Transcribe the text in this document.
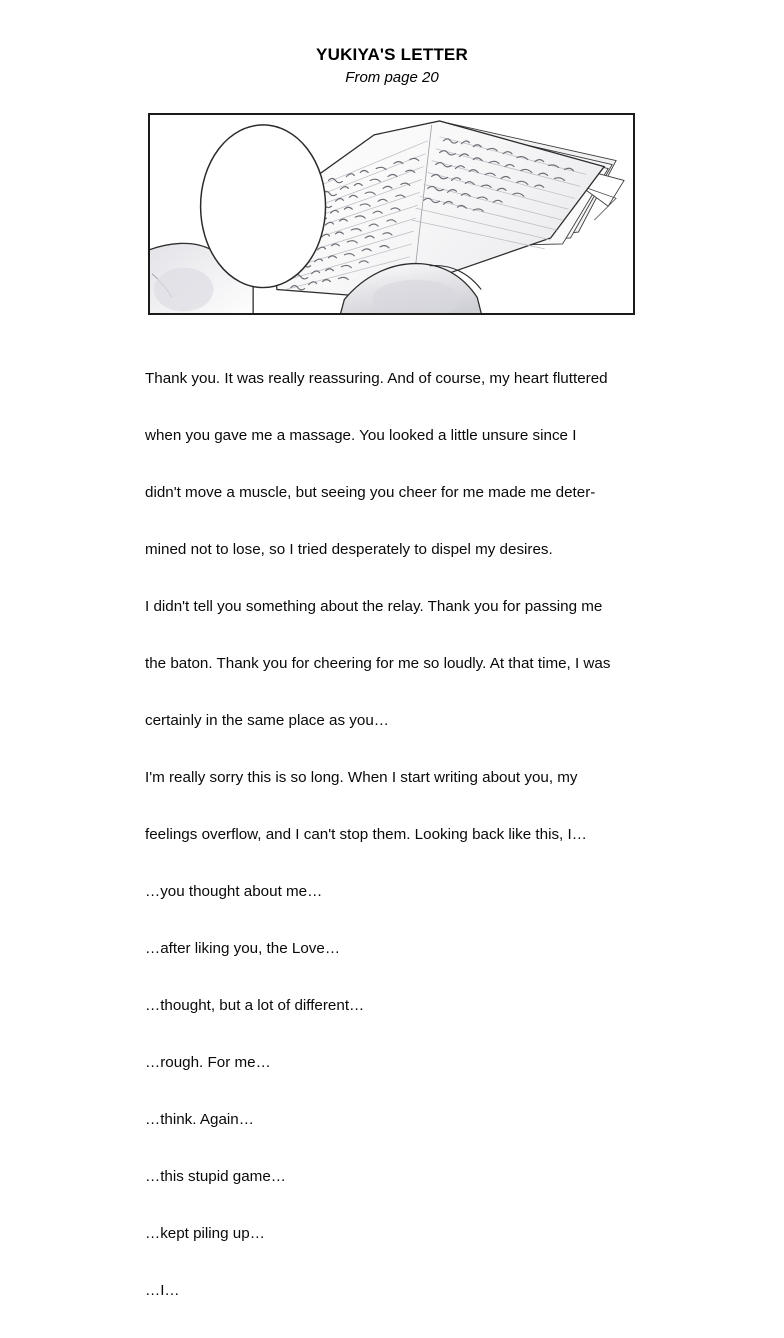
YUKIYA'S LETTER
From page 20

Thank you. It was really reassuring. And of course, my heart fluttered

when you gave me a massage. You looked a little unsure since I

didn't move a muscle, but seeing you cheer for me made me deter-

mined not to lose, so I tried desperately to dispel my desires.

I didn't tell you something about the relay. Thank you for passing me

the baton. Thank you for cheering for me so loudly. At that time, I was

certainly in the same place as you…

I'm really sorry this is so long. When I start writing about you, my

feelings overflow, and I can't stop them. Looking back like this, I…

…you thought about me…

…after liking you, the Love…

…thought, but a lot of different…

…rough. For me…

…think. Again…

…this stupid game…

…kept piling up…

…I…
